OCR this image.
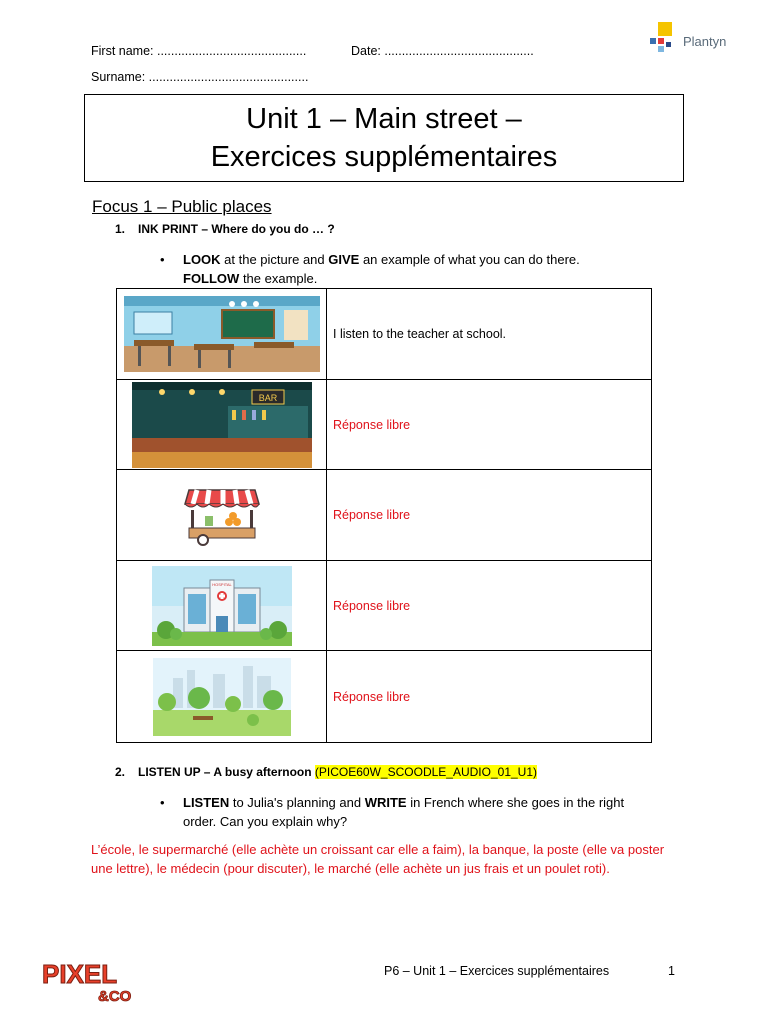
First name: ...........................................	Date: ...........................................
Surname: ..............................................
Plantyn
Unit 1 – Main street –
Exercices supplémentaires
Focus 1 – Public places
1. INK PRINT – Where do you do … ?
• LOOK at the picture and GIVE an example of what you can do there.
FOLLOW the example.
	I listen to the teacher at school.

BAR	Réponse libre

	Réponse libre

HOSPITAL	Réponse libre

	Réponse libre
2. LISTEN UP – A busy afternoon (PICOE60W_SCOODLE_AUDIO_01_U1)
• LISTEN to Julia's planning and WRITE in French where she goes in the right
order. Can you explain why?
L’école, le supermarché (elle achète un croissant car elle a faim), la banque, la poste (elle va poster une lettre), le médecin (pour discuter), le marché (elle achète un jus frais et un poulet roti).
PIXEL
&CO
P6 – Unit 1 – Exercices supplémentaires	1
